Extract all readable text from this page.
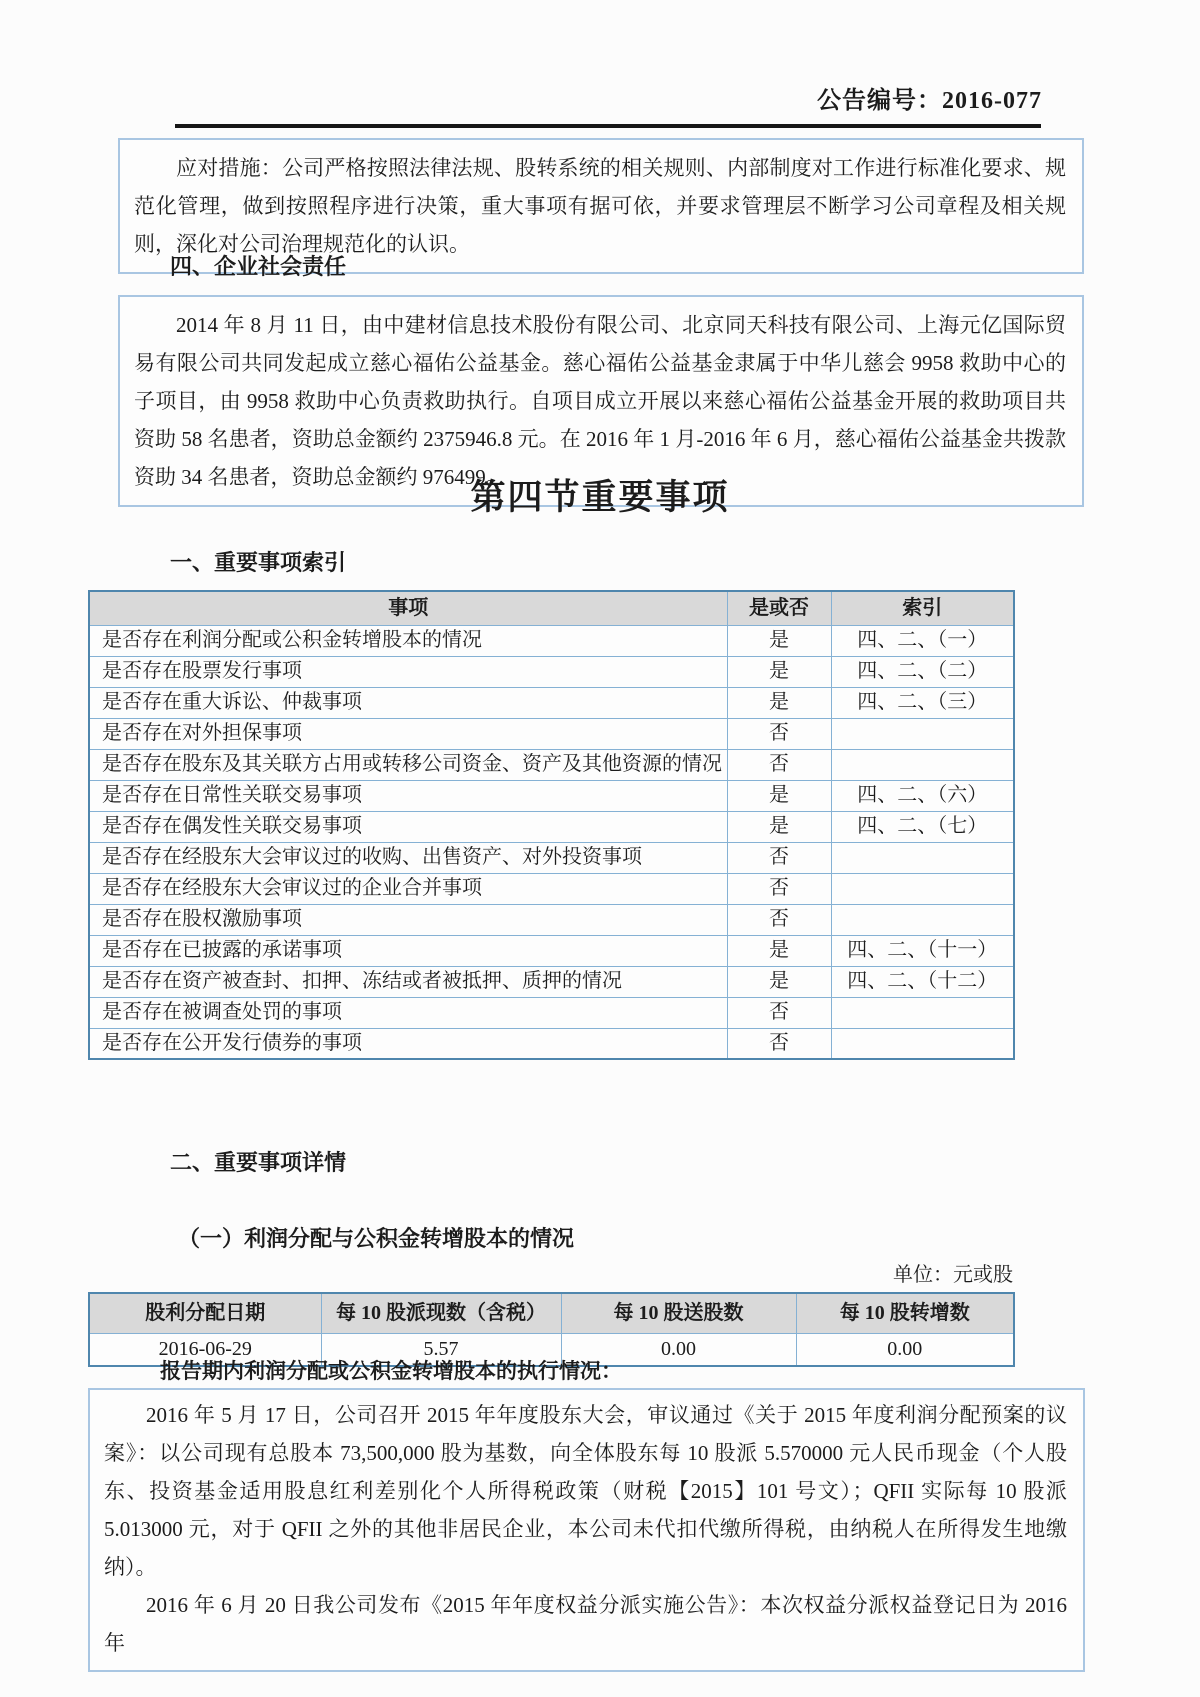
公告编号：2016-077

应对措施：公司严格按照法律法规、股转系统的相关规则、内部制度对工作进行标准化要求、规范化管理，做到按照程序进行决策，重大事项有据可依，并要求管理层不断学习公司章程及相关规则，深化对公司治理规范化的认识。

四、企业社会责任

2014 年 8 月 11 日，由中建材信息技术股份有限公司、北京同天科技有限公司、上海元亿国际贸易有限公司共同发起成立慈心福佑公益基金。慈心福佑公益基金隶属于中华儿慈会 9958 救助中心的子项目，由 9958 救助中心负责救助执行。自项目成立开展以来慈心福佑公益基金开展的救助项目共资助 58 名患者，资助总金额约 2375946.8 元。在 2016 年 1 月-2016 年 6 月，慈心福佑公益基金共拨款资助 34 名患者，资助总金额约 976499。

第四节重要事项
一、重要事项索引
事项	是或否	索引
是否存在利润分配或公积金转增股本的情况	是	四、二、（一）
是否存在股票发行事项	是	四、二、（二）
是否存在重大诉讼、仲裁事项	是	四、二、（三）
是否存在对外担保事项	否	
是否存在股东及其关联方占用或转移公司资金、资产及其他资源的情况	否	
是否存在日常性关联交易事项	是	四、二、（六）
是否存在偶发性关联交易事项	是	四、二、（七）
是否存在经股东大会审议过的收购、出售资产、对外投资事项	否	
是否存在经股东大会审议过的企业合并事项	否	
是否存在股权激励事项	否	
是否存在已披露的承诺事项	是	四、二、（十一）
是否存在资产被查封、扣押、冻结或者被抵押、质押的情况	是	四、二、（十二）
是否存在被调查处罚的事项	否	
是否存在公开发行债券的事项	否	
二、重要事项详情
（一）利润分配与公积金转增股本的情况
单位：元或股
股利分配日期	每 10 股派现数（含税）	每 10 股送股数	每 10 股转增数
2016-06-29	5.57	0.00	0.00
报告期内利润分配或公积金转增股本的执行情况：

2016 年 5 月 17 日，公司召开 2015 年年度股东大会，审议通过《关于 2015 年度利润分配预案的议案》：以公司现有总股本 73,500,000 股为基数，向全体股东每 10 股派 5.570000 元人民币现金（个人股东、投资基金适用股息红利差别化个人所得税政策（财税【2015】101 号文）；QFII 实际每 10 股派 5.013000 元，对于 QFII 之外的其他非居民企业，本公司未代扣代缴所得税，由纳税人在所得发生地缴纳）。

2016 年 6 月 20 日我公司发布《2015 年年度权益分派实施公告》：本次权益分派权益登记日为 2016 年
